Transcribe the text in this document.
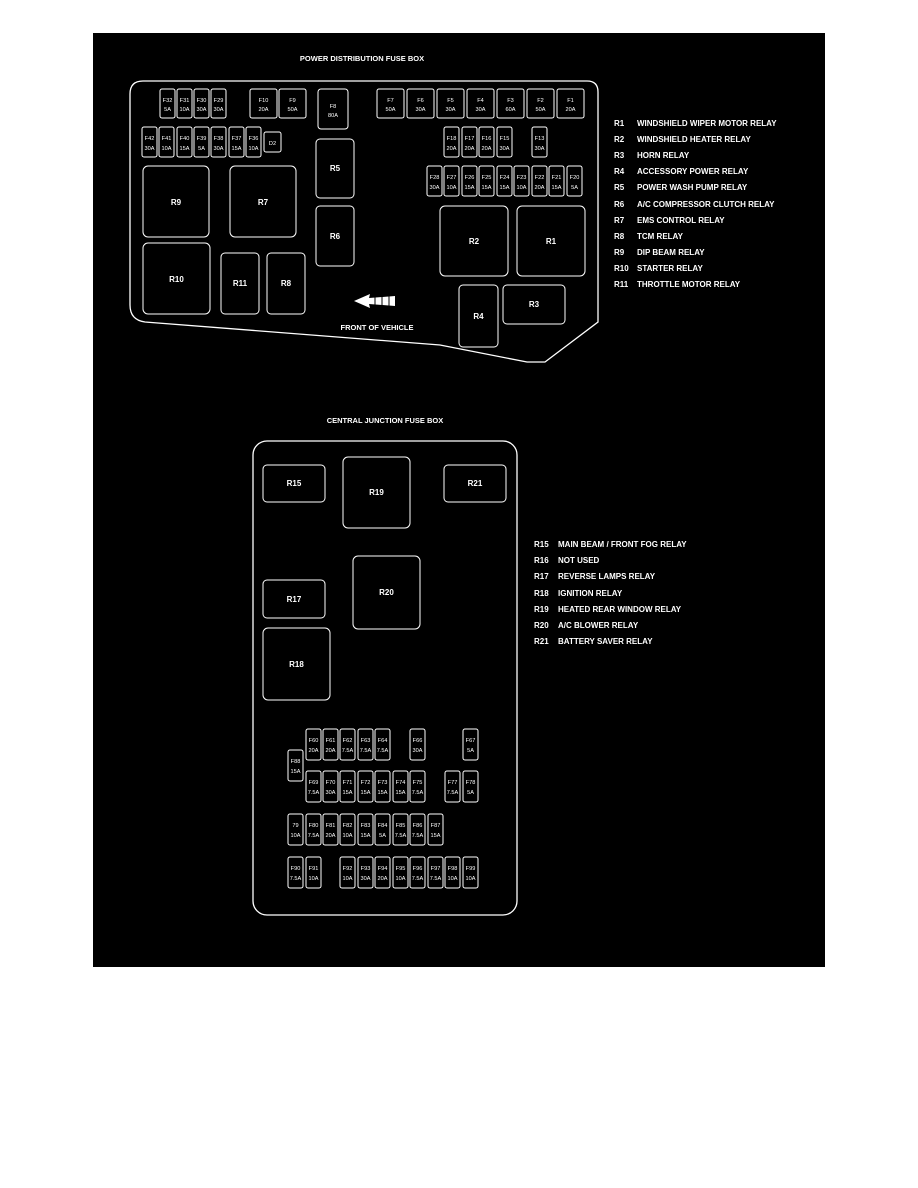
POWER DISTRIBUTION FUSE BOX
F32
5A
F31
10A
F30
30A
F29
30A
F10
20A
F9
50A	F8
80A
F7
50A
F6
30A
F5
30A
F4
30A
F3
60A
F2
50A
F1
20A
F42
30A
F41
10A
F40
15A
F39
5A
F38
30A
F37
15A
F36
10A
D2
F18
20A
F17
20A
F16
20A
F15
30A
F13
30A
F28
30A
F27
10A
F26
15A
F25
15A
F24
15A
F23
10A
F22
20A
F21
15A
F20
5A
R9	R7
R5
R6
R10	R11	R8
R2	R1
R4
R3
FRONT OF VEHICLE
R1 WINDSHIELD WIPER MOTOR RELAY
R2 WINDSHIELD HEATER RELAY
R3 HORN RELAY
R4 ACCESSORY POWER RELAY
R5 POWER WASH PUMP RELAY
R6 A/C COMPRESSOR CLUTCH RELAY
R7 EMS CONTROL RELAY
R8 TCM RELAY
R9 DIP BEAM RELAY
R10 STARTER RELAY
R11 THROTTLE MOTOR RELAY
CENTRAL JUNCTION FUSE BOX
R15
R19
R21
R20
R17
R18
F60
20A
F61
20A
F62
7.5A
F63
7.5A
F64
7.5A
F66
30A
F67
5A
F88
15A
F69
7.5A
F70
30A
F71
15A
F72
15A
F73
15A
F74
15A
F75
7.5A
F77
7.5A
F78
5A
79
10A
F80
7.5A
F81
20A
F82
10A
F83
15A
F84
5A
F85
7.5A
F86
7.5A
F87
15A
F90
7.5A
F91
10A
F92
10A
F93
30A
F94
20A
F95
10A
F96
7.5A
F97
7.5A
F98
10A
F99
10A
R15 MAIN BEAM / FRONT FOG RELAY
R16 NOT USED
R17 REVERSE LAMPS RELAY
R18 IGNITION RELAY
R19 HEATED REAR WINDOW RELAY
R20 A/C BLOWER RELAY
R21 BATTERY SAVER RELAY
